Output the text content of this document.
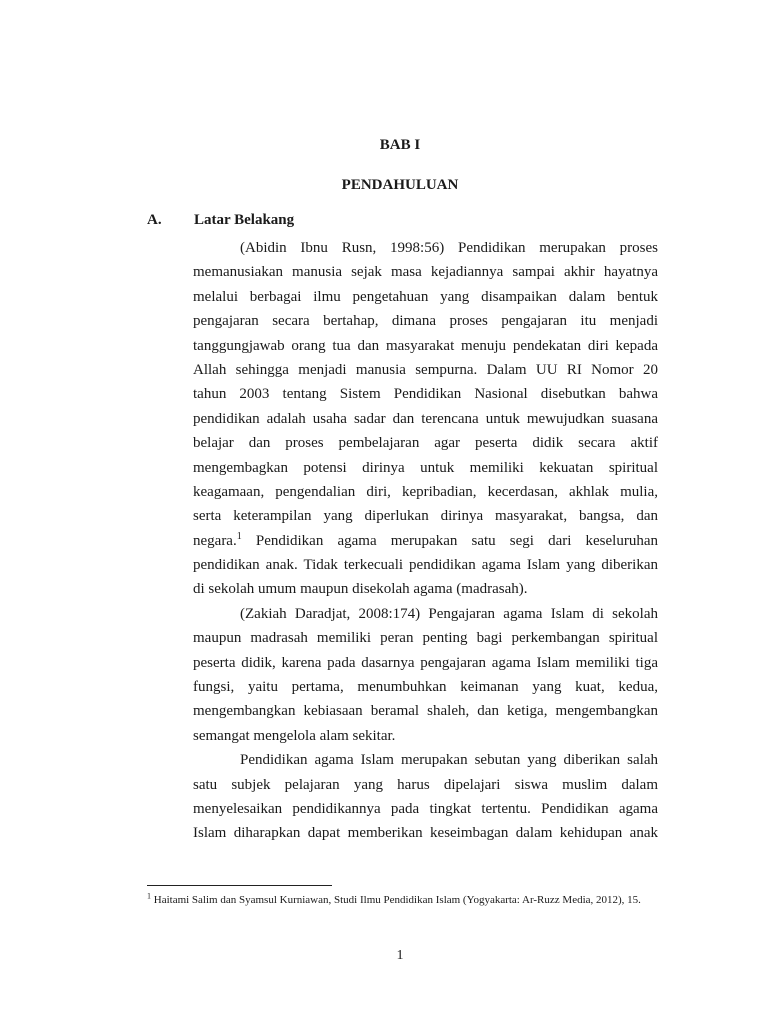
BAB I
PENDAHULUAN
A. Latar Belakang
(Abidin Ibnu Rusn, 1998:56) Pendidikan merupakan proses
memanusiakan manusia sejak masa kejadiannya sampai akhir hayatnya
melalui berbagai ilmu pengetahuan yang disampaikan dalam bentuk
pengajaran secara bertahap, dimana proses pengajaran itu menjadi
tanggungjawab orang tua dan masyarakat menuju pendekatan diri kepada
Allah sehingga menjadi manusia sempurna. Dalam UU RI Nomor 20
tahun 2003 tentang Sistem Pendidikan Nasional disebutkan bahwa
pendidikan adalah usaha sadar dan terencana untuk mewujudkan suasana
belajar dan proses pembelajaran agar peserta didik secara aktif
mengembagkan potensi dirinya untuk memiliki kekuatan spiritual
keagamaan, pengendalian diri, kepribadian, kecerdasan, akhlak mulia,
serta keterampilan yang diperlukan dirinya masyarakat, bangsa, dan
negara.$^1$ Pendidikan agama merupakan satu segi dari keseluruhan
pendidikan anak. Tidak terkecuali pendidikan agama Islam yang diberikan
di sekolah umum maupun disekolah agama (madrasah).
(Zakiah Daradjat, 2008:174) Pengajaran agama Islam di sekolah
maupun madrasah memiliki peran penting bagi perkembangan spiritual
peserta didik, karena pada dasarnya pengajaran agama Islam memiliki tiga
fungsi, yaitu pertama, menumbuhkan keimanan yang kuat, kedua,
mengembangkan kebiasaan beramal shaleh, dan ketiga, mengembangkan
semangat mengelola alam sekitar.
Pendidikan agama Islam merupakan sebutan yang diberikan salah
satu subjek pelajaran yang harus dipelajari siswa muslim dalam
menyelesaikan pendidikannya pada tingkat tertentu. Pendidikan agama
Islam diharapkan dapat memberikan keseimbagan dalam kehidupan anak
$^1$ Haitami Salim dan Syamsul Kurniawan, Studi Ilmu Pendidikan Islam (Yogyakarta: Ar-Ruzz Media, 2012), 15.
1
